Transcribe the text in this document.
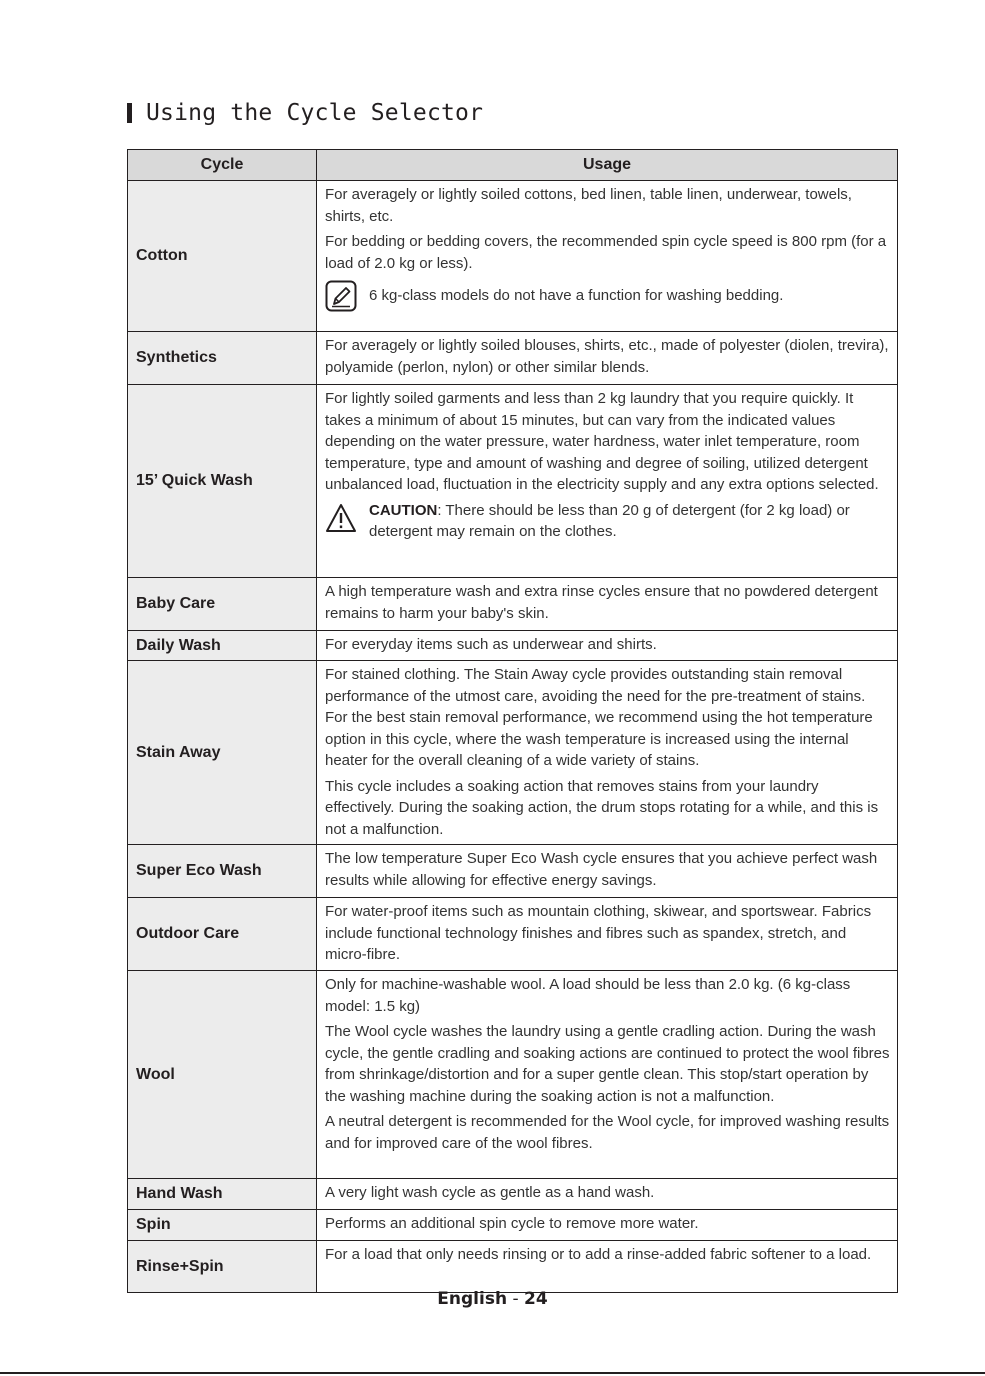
Using the Cycle Selector
Cycle	Usage
Cotton	For averagely or lightly soiled cottons, bed linen, table linen, underwear, towels, shirts, etc.

For bedding or bedding covers, the recommended spin cycle speed is 800 rpm (for a load of 2.0 kg or less).

6 kg-class models do not have a function for washing bedding.

Synthetics	For averagely or lightly soiled blouses, shirts, etc., made of polyester (diolen, trevira), polyamide (perlon, nylon) or other similar blends.

15’ Quick Wash	For lightly soiled garments and less than 2 kg laundry that you require quickly. It takes a minimum of about 15 minutes, but can vary from the indicated values depending on the water pressure, water hardness, water inlet temperature, room temperature, type and amount of washing and degree of soiling, utilized detergent unbalanced load, fluctuation in the electricity supply and any extra options selected.

CAUTION: There should be less than 20 g of detergent (for 2 kg load) or detergent may remain on the clothes.

Baby Care	A high temperature wash and extra rinse cycles ensure that no powdered detergent remains to harm your baby's skin.

Daily Wash	For everyday items such as underwear and shirts.

Stain Away	For stained clothing. The Stain Away cycle provides outstanding stain removal performance of the utmost care, avoiding the need for the pre-treatment of stains. For the best stain removal performance, we recommend using the hot temperature option in this cycle, where the wash temperature is increased using the internal heater for the overall cleaning of a wide variety of stains.

This cycle includes a soaking action that removes stains from your laundry effectively. During the soaking action, the drum stops rotating for a while, and this is not a malfunction.

Super Eco Wash	The low temperature Super Eco Wash cycle ensures that you achieve perfect wash results while allowing for effective energy savings.

Outdoor Care	For water-proof items such as mountain clothing, skiwear, and sportswear. Fabrics include functional technology finishes and fibres such as spandex, stretch, and micro-fibre.

Wool	Only for machine-washable wool. A load should be less than 2.0 kg. (6 kg-class model: 1.5 kg)

The Wool cycle washes the laundry using a gentle cradling action. During the wash cycle, the gentle cradling and soaking actions are continued to protect the wool fibres from shrinkage/distortion and for a super gentle clean. This stop/start operation by the washing machine during the soaking action is not a malfunction.

A neutral detergent is recommended for the Wool cycle, for improved washing results and for improved care of the wool fibres.

Hand Wash	A very light wash cycle as gentle as a hand wash.

Spin	Performs an additional spin cycle to remove more water.

Rinse+Spin	For a load that only needs rinsing or to add a rinse-added fabric softener to a load.

English - 24
